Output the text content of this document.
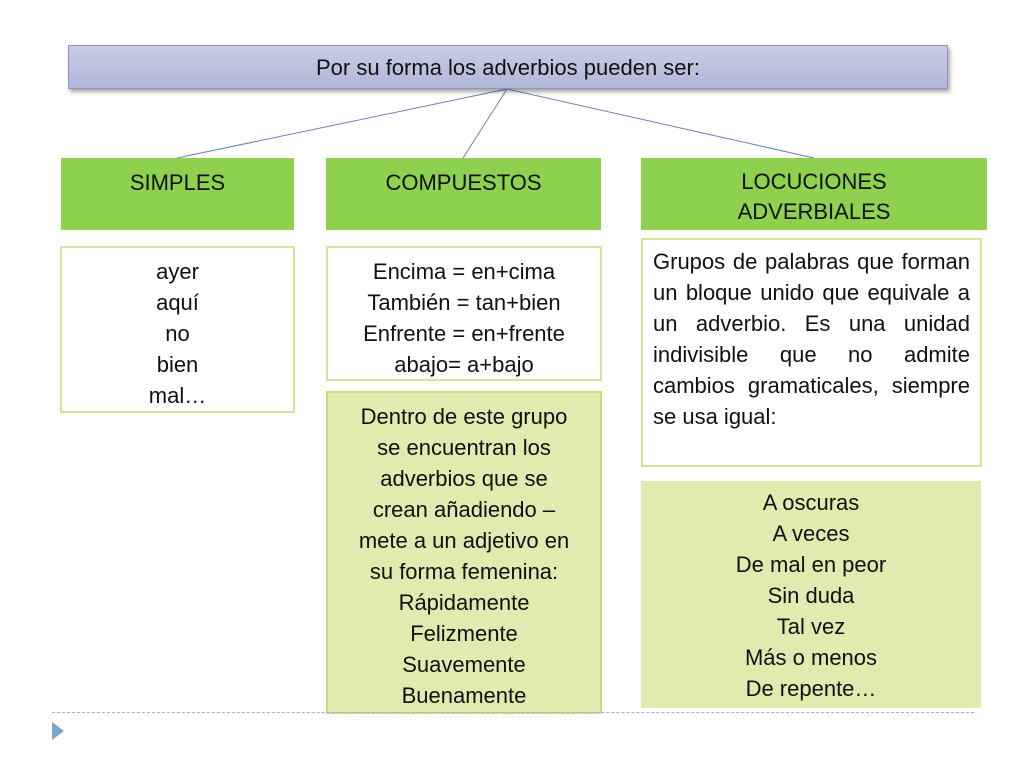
Por su forma los adverbios pueden ser:
SIMPLES
ayer
aquí
no
bien
mal…
COMPUESTOS
Encima = en+cima
También = tan+bien
Enfrente = en+frente
abajo= a+bajo
Dentro de este grupo
se encuentran los
adverbios que se
crean añadiendo –
mete a un adjetivo en
su forma femenina:
Rápidamente
Felizmente
Suavemente
Buenamente
LOCUCIONES
ADVERBIALES
Grupos de palabras que forman un bloque unido que equivale a un adverbio. Es una unidad indivisible que no admite cambios gramaticales, siempre se usa igual:
A oscuras
A veces
De mal en peor
Sin duda
Tal vez
Más o menos
De repente…
